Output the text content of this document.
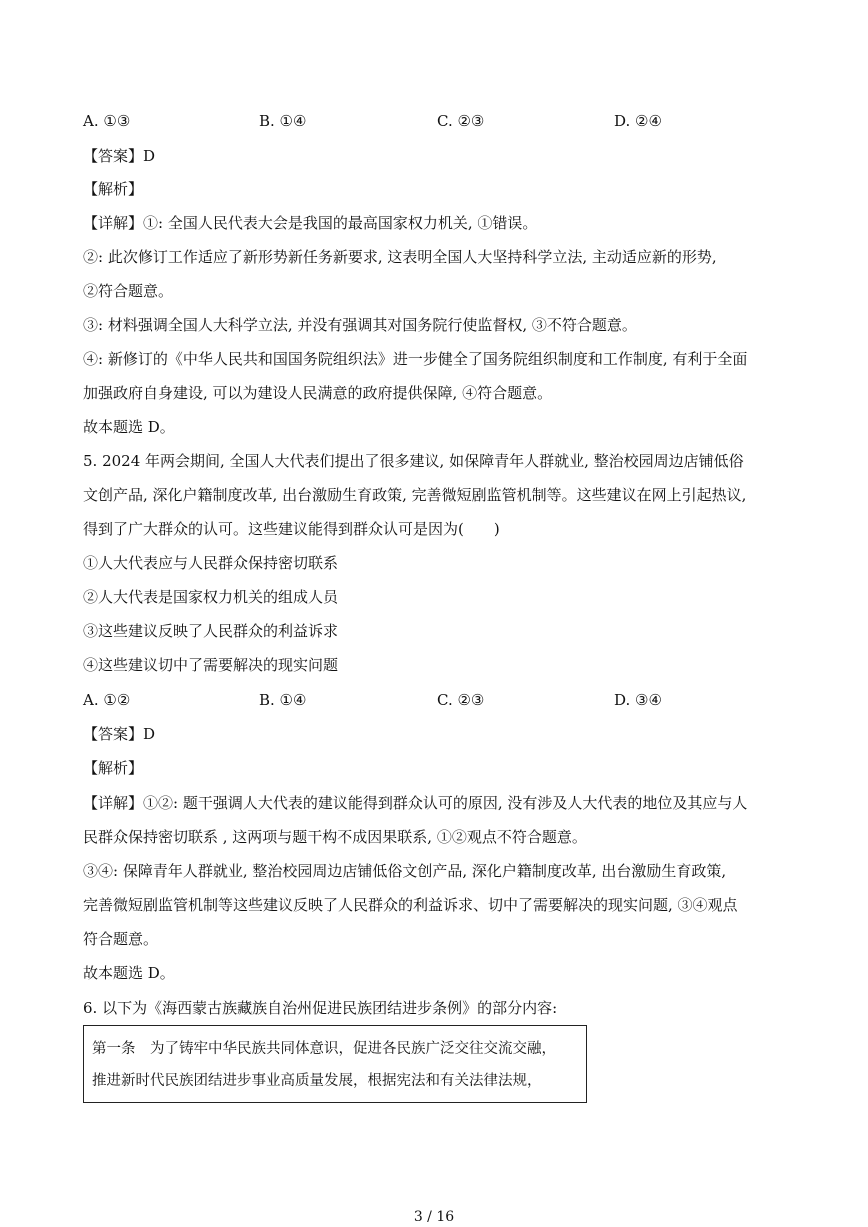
A. ①③	B. ①④	C. ②③	D. ②④
【答案】D
【解析】
【详解】①: 全国人民代表大会是我国的最高国家权力机关, ①错误。
②: 此次修订工作适应了新形势新任务新要求, 这表明全国人大坚持科学立法, 主动适应新的形势,
②符合题意。
③: 材料强调全国人大科学立法, 并没有强调其对国务院行使监督权, ③不符合题意。
④: 新修订的《中华人民共和国国务院组织法》进一步健全了国务院组织制度和工作制度, 有利于全面
加强政府自身建设, 可以为建设人民满意的政府提供保障, ④符合题意。
故本题选 D。
5. 2024 年两会期间, 全国人大代表们提出了很多建议, 如保障青年人群就业, 整治校园周边店铺低俗
文创产品, 深化户籍制度改革, 出台激励生育政策, 完善微短剧监管机制等。这些建议在网上引起热议,
得到了广大群众的认可。这些建议能得到群众认可是因为(　　)
①人大代表应与人民群众保持密切联系
②人大代表是国家权力机关的组成人员
③这些建议反映了人民群众的利益诉求
④这些建议切中了需要解决的现实问题
A. ①②	B. ①④	C. ②③	D. ③④
【答案】D
【解析】
【详解】①②: 题干强调人大代表的建议能得到群众认可的原因, 没有涉及人大代表的地位及其应与人
民群众保持密切联系 , 这两项与题干构不成因果联系, ①②观点不符合题意。
③④: 保障青年人群就业, 整治校园周边店铺低俗文创产品, 深化户籍制度改革, 出台激励生育政策,
完善微短剧监管机制等这些建议反映了人民群众的利益诉求、切中了需要解决的现实问题, ③④观点
符合题意。
故本题选 D。
6. 以下为《海西蒙古族藏族自治州促进民族团结进步条例》的部分内容:
第一条　为了铸牢中华民族共同体意识，促进各民族广泛交往交流交融，
推进新时代民族团结进步事业高质量发展，根据宪法和有关法律法规，
3 / 16
